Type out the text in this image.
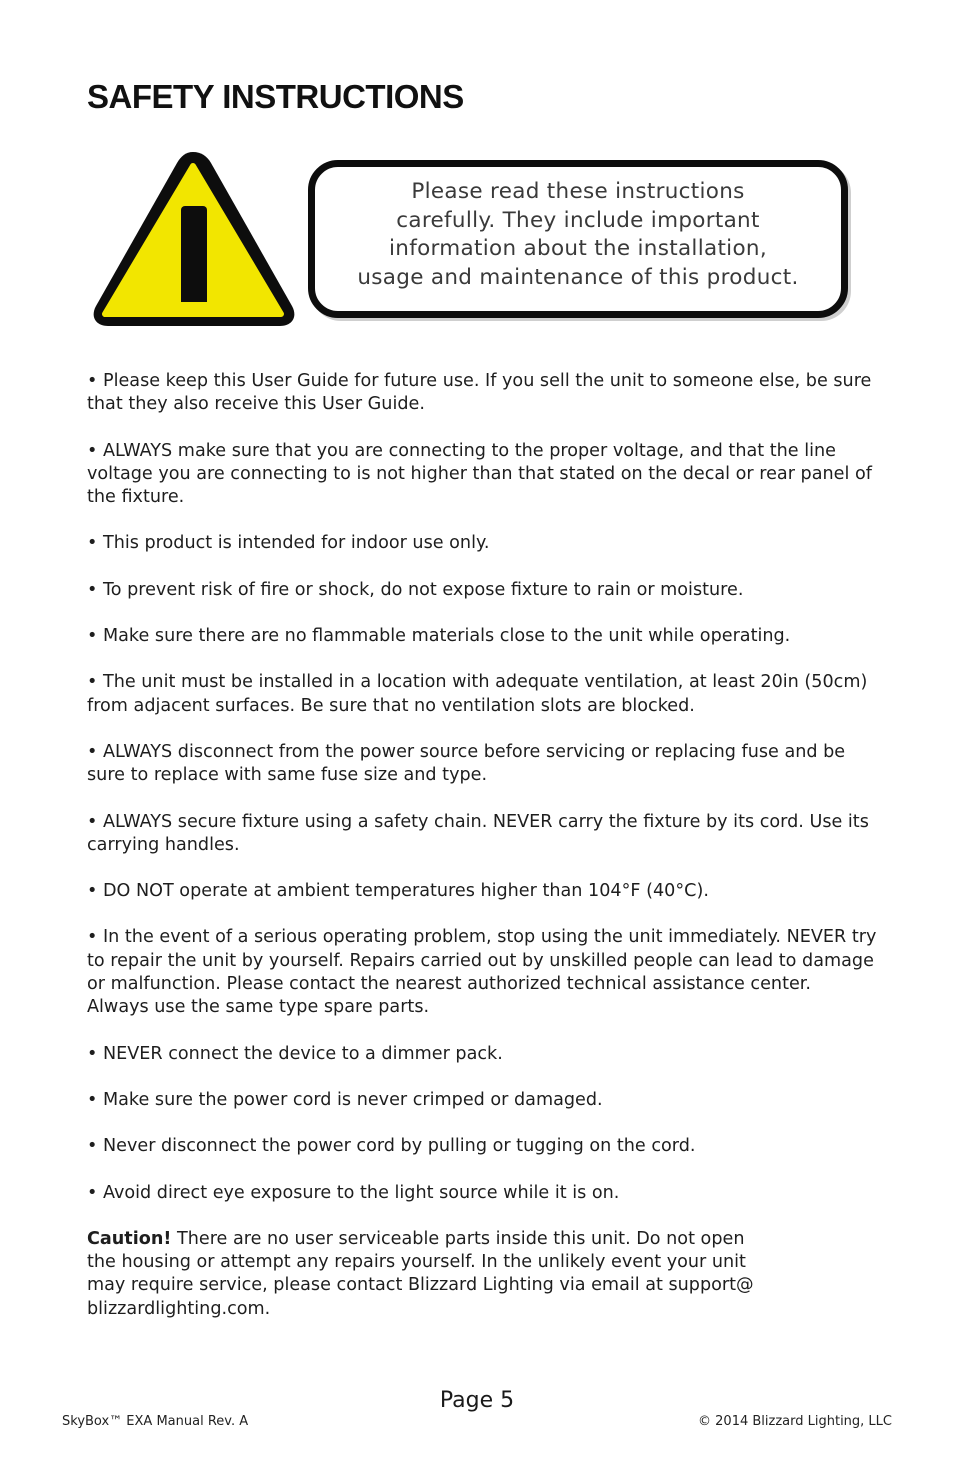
SAFETY INSTRUCTIONS
Please read these instructions
carefully. They include important
information about the installation,
usage and maintenance of this product.

• Please keep this User Guide for future use. If you sell the unit to someone else, be sure that they also receive this User Guide.

• ALWAYS make sure that you are connecting to the proper voltage, and that the line voltage you are connecting to is not higher than that stated on the decal or rear panel of the fixture.

• This product is intended for indoor use only.

• To prevent risk of fire or shock, do not expose fixture to rain or moisture.

• Make sure there are no flammable materials close to the unit while operating.

• The unit must be installed in a location with adequate ventilation, at least 20in (50cm) from adjacent surfaces. Be sure that no ventilation slots are blocked.

• ALWAYS disconnect from the power source before servicing or replacing fuse and be sure to replace with same fuse size and type.

• ALWAYS secure fixture using a safety chain. NEVER carry the fixture by its cord. Use its carrying handles.

• DO NOT operate at ambient temperatures higher than 104°F (40°C).

• In the event of a serious operating problem, stop using the unit immediately. NEVER try to repair the unit by yourself. Repairs carried out by unskilled people can lead to damage or malfunction. Please contact the nearest authorized technical assistance center. Always use the same type spare parts.

• NEVER connect the device to a dimmer pack.

• Make sure the power cord is never crimped or damaged.

• Never disconnect the power cord by pulling or tugging on the cord.

• Avoid direct eye exposure to the light source while it is on.

Caution! There are no user serviceable parts inside this unit. Do not open
the housing or attempt any repairs yourself. In the unlikely event your unit
may require service, please contact Blizzard Lighting via email at support@
blizzardlighting.com.

Page 5
SkyBox™ EXA Manual Rev. A	© 2014 Blizzard Lighting, LLC
